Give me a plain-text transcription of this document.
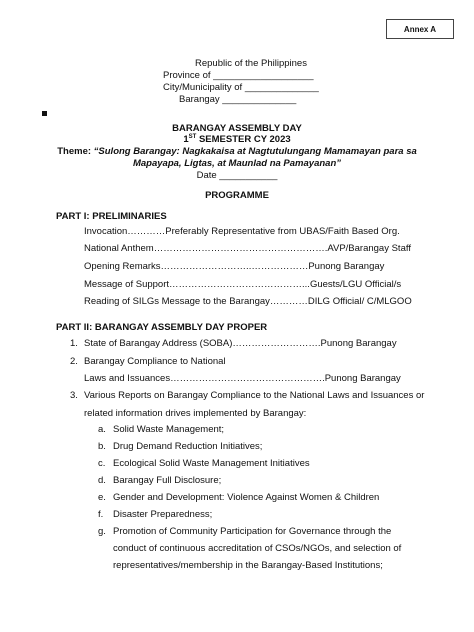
Annex A
Republic of the Philippines
Province of ___________________
City/Municipality of ______________
Barangay ______________
BARANGAY ASSEMBLY DAY
1ST SEMESTER CY 2023
Theme: “Sulong Barangay: Nagkakaisa at Nagtutulungang Mamamayan para sa
Mapayapa, Ligtas, at Maunlad na Pamayanan”
Date ___________
PROGRAMME
PART I: PRELIMINARIES
Invocation…………Preferably Representative from UBAS/Faith Based Org.
National Anthem……………………………………………….AVP/Barangay Staff
Opening Remarks………………………..………………Punong Barangay
Message of Support……………………………………...Guests/LGU Official/s
Reading of SILGs Message to the Barangay…………DILG Official/ C/MLGOO
PART II: BARANGAY ASSEMBLY DAY PROPER
1. State of Barangay Address (SOBA)……………………….Punong Barangay
2. Barangay Compliance to National
Laws and Issuances………………………………………….Punong Barangay
3. Various Reports on Barangay Compliance to the National Laws and Issuances or
related information drives implemented by Barangay:
a. Solid Waste Management;
b. Drug Demand Reduction Initiatives;
c. Ecological Solid Waste Management Initiatives
d. Barangay Full Disclosure;
e. Gender and Development: Violence Against Women & Children
f. Disaster Preparedness;
g. Promotion of Community Participation for Governance through the
conduct of continuous accreditation of CSOs/NGOs, and selection of
representatives/membership in the Barangay-Based Institutions;
